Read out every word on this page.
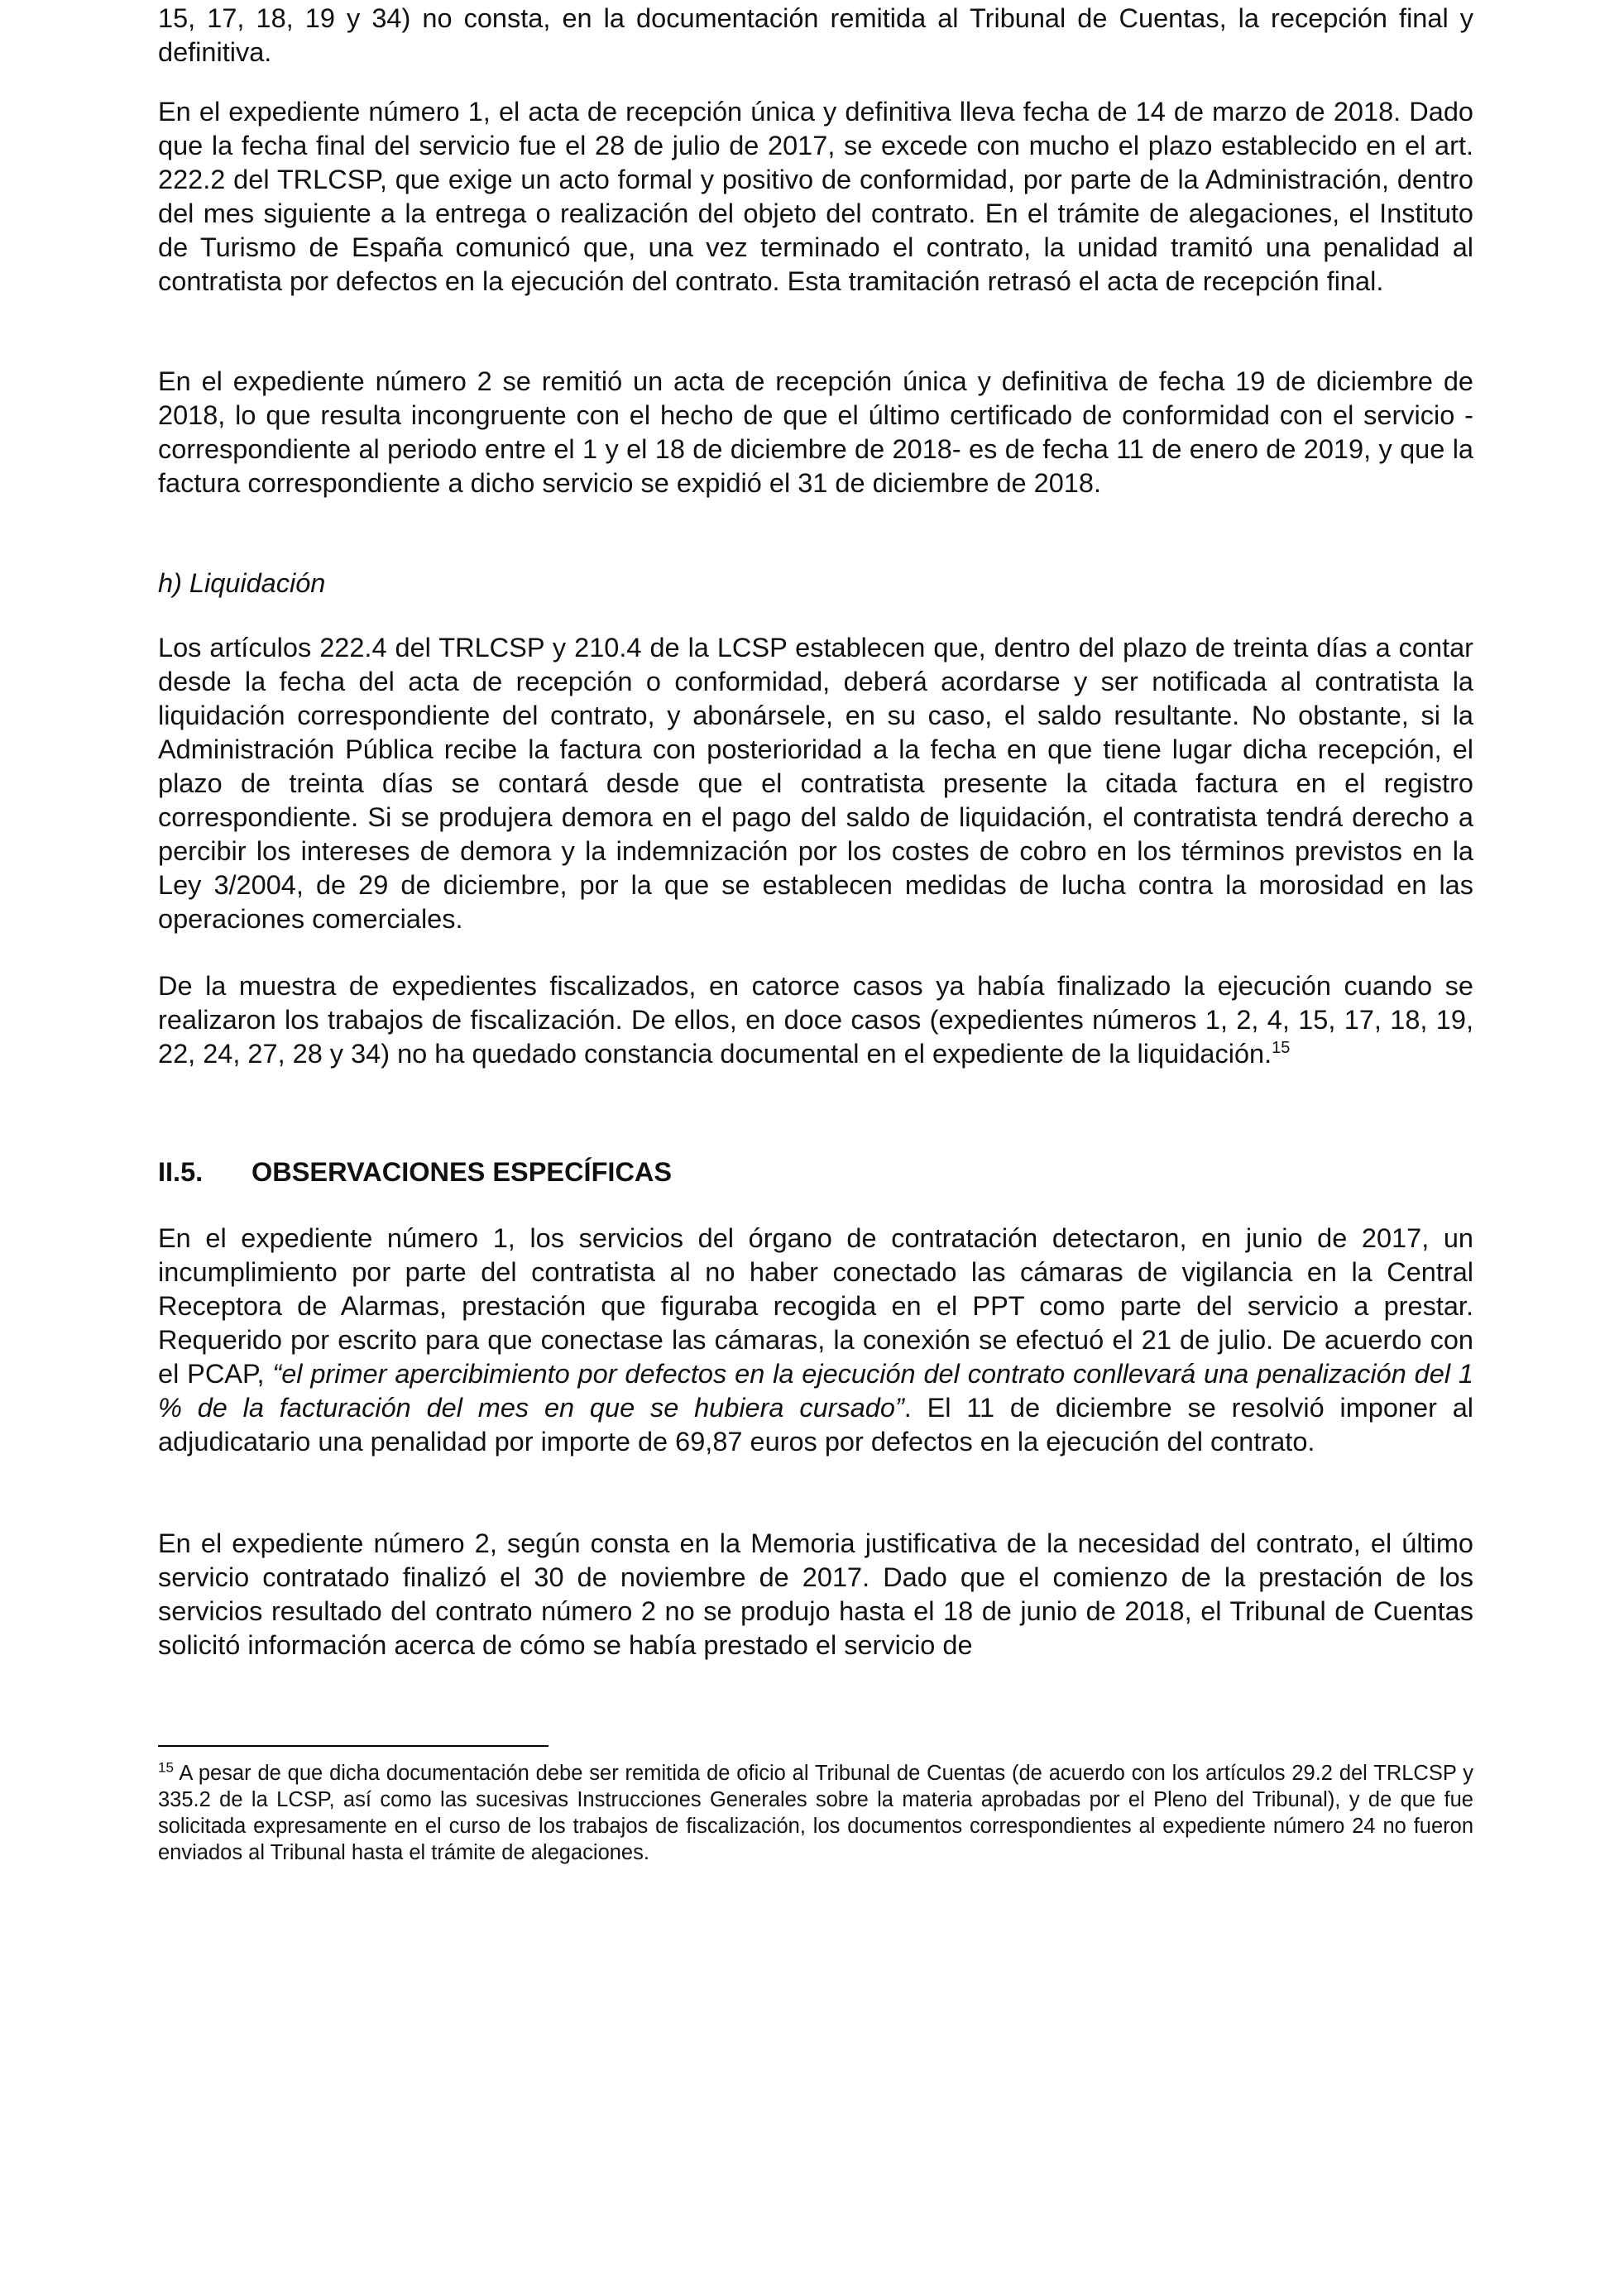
15, 17, 18, 19 y 34) no consta, en la documentación remitida al Tribunal de Cuentas, la recepción final y definitiva.

En el expediente número 1, el acta de recepción única y definitiva lleva fecha de 14 de marzo de 2018. Dado que la fecha final del servicio fue el 28 de julio de 2017, se excede con mucho el plazo establecido en el art. 222.2 del TRLCSP, que exige un acto formal y positivo de conformidad, por parte de la Administración, dentro del mes siguiente a la entrega o realización del objeto del contrato. En el trámite de alegaciones, el Instituto de Turismo de España comunicó que, una vez terminado el contrato, la unidad tramitó una penalidad al contratista por defectos en la ejecución del contrato. Esta tramitación retrasó el acta de recepción final.

En el expediente número 2 se remitió un acta de recepción única y definitiva de fecha 19 de diciembre de 2018, lo que resulta incongruente con el hecho de que el último certificado de conformidad con el servicio -correspondiente al periodo entre el 1 y el 18 de diciembre de 2018- es de fecha 11 de enero de 2019, y que la factura correspondiente a dicho servicio se expidió el 31 de diciembre de 2018.

h) Liquidación

Los artículos 222.4 del TRLCSP y 210.4 de la LCSP establecen que, dentro del plazo de treinta días a contar desde la fecha del acta de recepción o conformidad, deberá acordarse y ser notificada al contratista la liquidación correspondiente del contrato, y abonársele, en su caso, el saldo resultante. No obstante, si la Administración Pública recibe la factura con posterioridad a la fecha en que tiene lugar dicha recepción, el plazo de treinta días se contará desde que el contratista presente la citada factura en el registro correspondiente. Si se produjera demora en el pago del saldo de liquidación, el contratista tendrá derecho a percibir los intereses de demora y la indemnización por los costes de cobro en los términos previstos en la Ley 3/2004, de 29 de diciembre, por la que se establecen medidas de lucha contra la morosidad en las operaciones comerciales.

De la muestra de expedientes fiscalizados, en catorce casos ya había finalizado la ejecución cuando se realizaron los trabajos de fiscalización. De ellos, en doce casos (expedientes números 1, 2, 4, 15, 17, 18, 19, 22, 24, 27, 28 y 34) no ha quedado constancia documental en el expediente de la liquidación.$^{15}$

II.5. OBSERVACIONES ESPECÍFICAS

En el expediente número 1, los servicios del órgano de contratación detectaron, en junio de 2017, un incumplimiento por parte del contratista al no haber conectado las cámaras de vigilancia en la Central Receptora de Alarmas, prestación que figuraba recogida en el PPT como parte del servicio a prestar. Requerido por escrito para que conectase las cámaras, la conexión se efectuó el 21 de julio. De acuerdo con el PCAP, “el primer apercibimiento por defectos en la ejecución del contrato conllevará una penalización del 1 % de la facturación del mes en que se hubiera cursado”. El 11 de diciembre se resolvió imponer al adjudicatario una penalidad por importe de 69,87 euros por defectos en la ejecución del contrato.

En el expediente número 2, según consta en la Memoria justificativa de la necesidad del contrato, el último servicio contratado finalizó el 30 de noviembre de 2017. Dado que el comienzo de la prestación de los servicios resultado del contrato número 2 no se produjo hasta el 18 de junio de 2018, el Tribunal de Cuentas solicitó información acerca de cómo se había prestado el servicio de

$^{15}$ A pesar de que dicha documentación debe ser remitida de oficio al Tribunal de Cuentas (de acuerdo con los artículos 29.2 del TRLCSP y 335.2 de la LCSP, así como las sucesivas Instrucciones Generales sobre la materia aprobadas por el Pleno del Tribunal), y de que fue solicitada expresamente en el curso de los trabajos de fiscalización, los documentos correspondientes al expediente número 24 no fueron enviados al Tribunal hasta el trámite de alegaciones.
